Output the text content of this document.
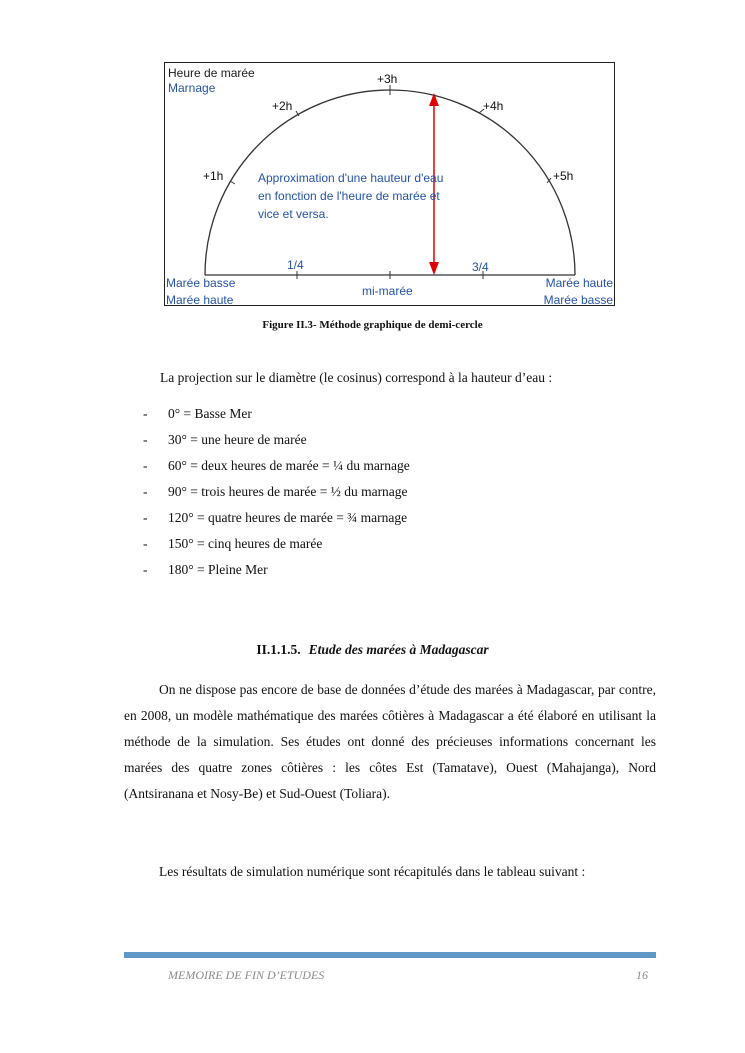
Heure de marée
Marnage
+1h
+2h
+3h
+4h
+5h
Approximation d'une hauteur d'eau
en fonction de l'heure de marée et
vice et versa.
1/4	3/4
mi-marée
Marée basse
Marée haute
Marée haute
Marée basse
Figure II.3- Méthode graphique de demi-cercle
La projection sur le diamètre (le cosinus) correspond à la hauteur d’eau :
- 0° = Basse Mer
- 30° = une heure de marée
- 60° = deux heures de marée = ¼ du marnage
- 90° = trois heures de marée = ½ du marnage
- 120° = quatre heures de marée = ¾ marnage
- 150° = cinq heures de marée
- 180° = Pleine Mer
II.1.1.5. Etude des marées à Madagascar

On ne dispose pas encore de base de données d’étude des marées à Madagascar, par contre, en 2008, un modèle mathématique des marées côtières à Madagascar a été élaboré en utilisant la méthode de la simulation. Ses études ont donné des précieuses informations concernant les marées des quatre zones côtières : les côtes Est (Tamatave), Ouest (Mahajanga), Nord (Antsiranana et Nosy-Be) et Sud-Ouest (Toliara).

Les résultats de simulation numérique sont récapitulés dans le tableau suivant :

MEMOIRE DE FIN D’ETUDES	16
